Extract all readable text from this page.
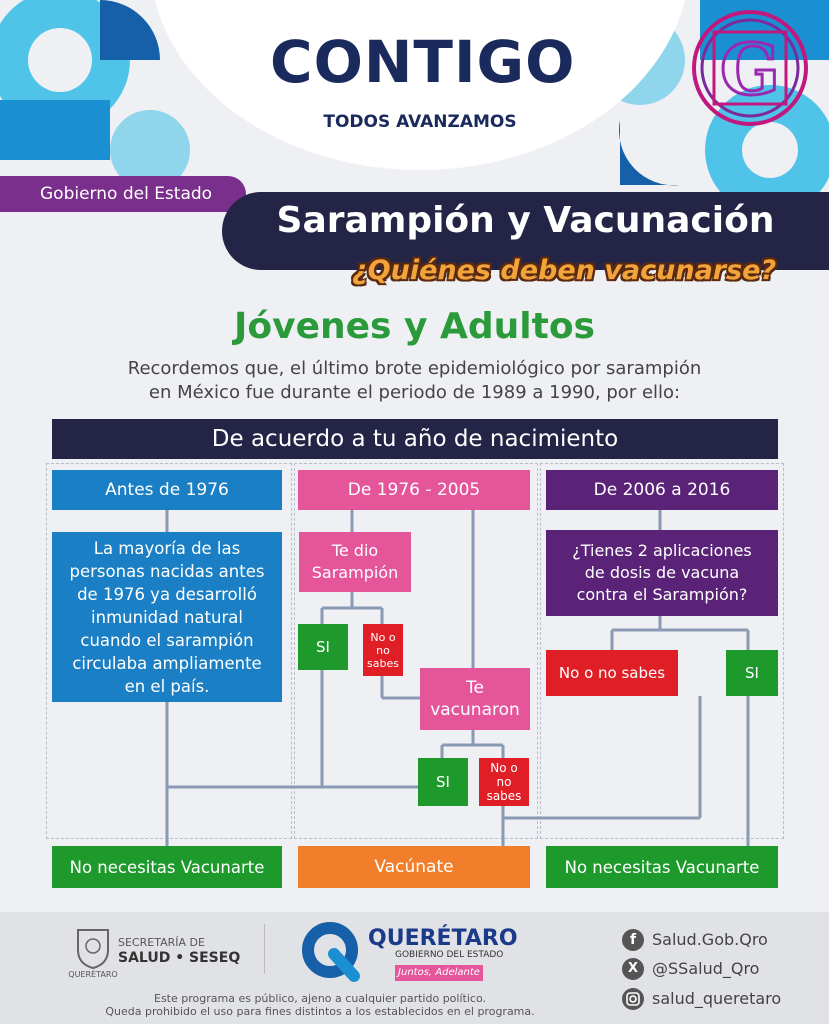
CONTIGO
TODOS AVANZAMOS
G
Gobierno del Estado
Sarampión y Vacunación
¿Quiénes deben vacunarse?
Jóvenes y Adultos
Recordemos que, el último brote epidemiológico por sarampión
en México fue durante el periodo de 1989 a 1990, por ello:
De acuerdo a tu año de nacimiento
Antes de 1976
La mayoría de las personas nacidas antes de 1976 ya desarrolló inmunidad natural cuando el sarampión circulaba ampliamente en el país.
No necesitas Vacunarte
De 1976 - 2005
Te dio Sarampión
SI
No o no sabes
Te vacunaron
SI
No o no sabes
Vacúnate
De 2006 a 2016
¿Tienes 2 aplicaciones de dosis de vacuna contra el Sarampión?
No o no sabes	SI
No necesitas Vacunarte
QUERÉTARO
SECRETARÍA DE
SALUD • SESEQ
QUERÉTARO
GOBIERNO DEL ESTADO
Juntos, Adelante
Este programa es público, ajeno a cualquier partido político.
Queda prohibido el uso para fines distintos a los establecidos en el programa.
f Salud.Gob.Qro
X @SSalud_Qro
salud_queretaro
